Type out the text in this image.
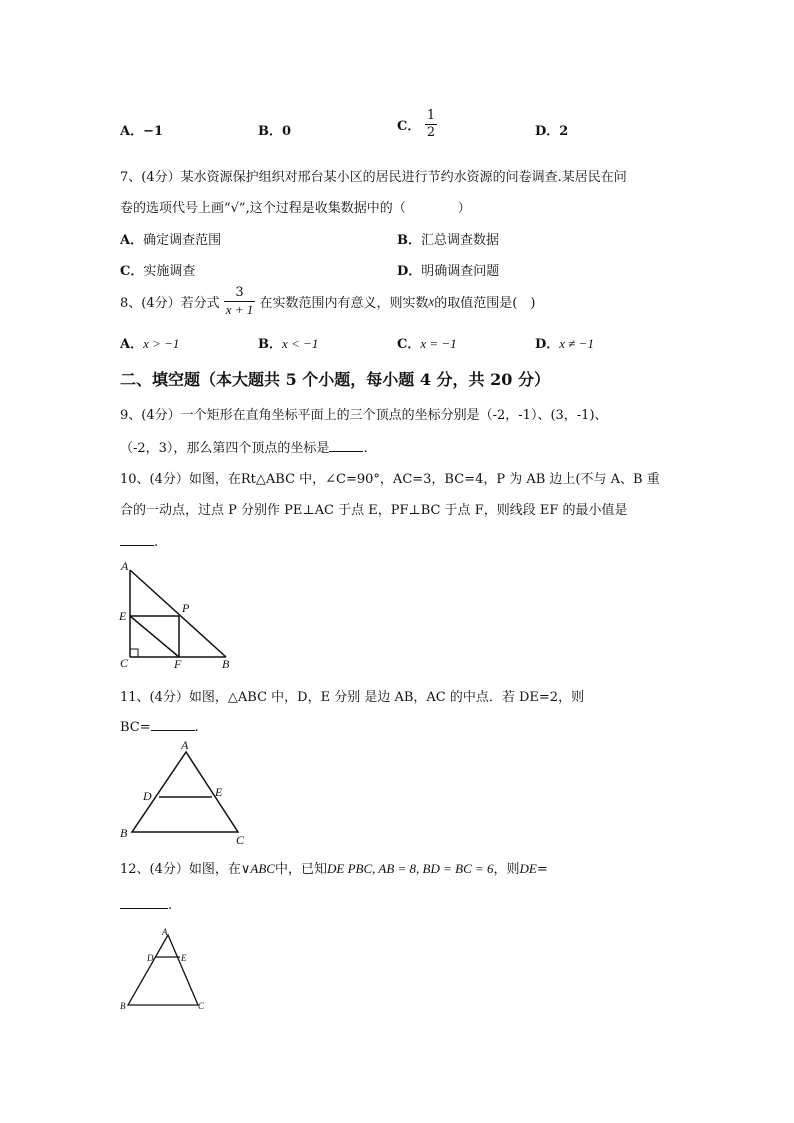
A．−1	B．0	C． $\frac{1}{2}$	D．2
7、(4分）某水资源保护组织对邢台某小区的居民进行节约水资源的问卷调查.某居民在问
卷的选项代号上画“√”,这个过程是收集数据中的（　　　　）
A．确定调查范围	B．汇总调查数据
C．实施调查	D．明确调查问题
8、(4分）若分式 $\frac{3}{x + 1}$ 在实数范围内有意义，则实数x的取值范围是(　)
A．x > −1	B．x < −1	C．x = −1	D．x ≠ −1
二、填空题（本大题共 5 个小题，每小题 4 分，共 20 分）
9、(4分）一个矩形在直角坐标平面上的三个顶点的坐标分别是（-2，-1）、(3，-1)、
（-2，3），那么第四个顶点的坐标是	.
10、(4分）如图，在Rt△ABC 中，∠C=90°，AC=3，BC=4，P 为 AB 边上(不与 A、B 重
合的一动点，过点 P 分别作 PE⊥AC 于点 E，PF⊥BC 于点 F，则线段 EF 的最小值是
.
A
E
P
C	F	B
11、(4分）如图，△ABC 中，D，E 分别 是边 AB，AC 的中点．若 DE=2，则
BC=	.
A
D	E
B	C
12、(4分）如图，在∨ABC中，已知DE PBC, AB = 8, BD = BC = 6，则DE=
.
A
D	E
B	C
